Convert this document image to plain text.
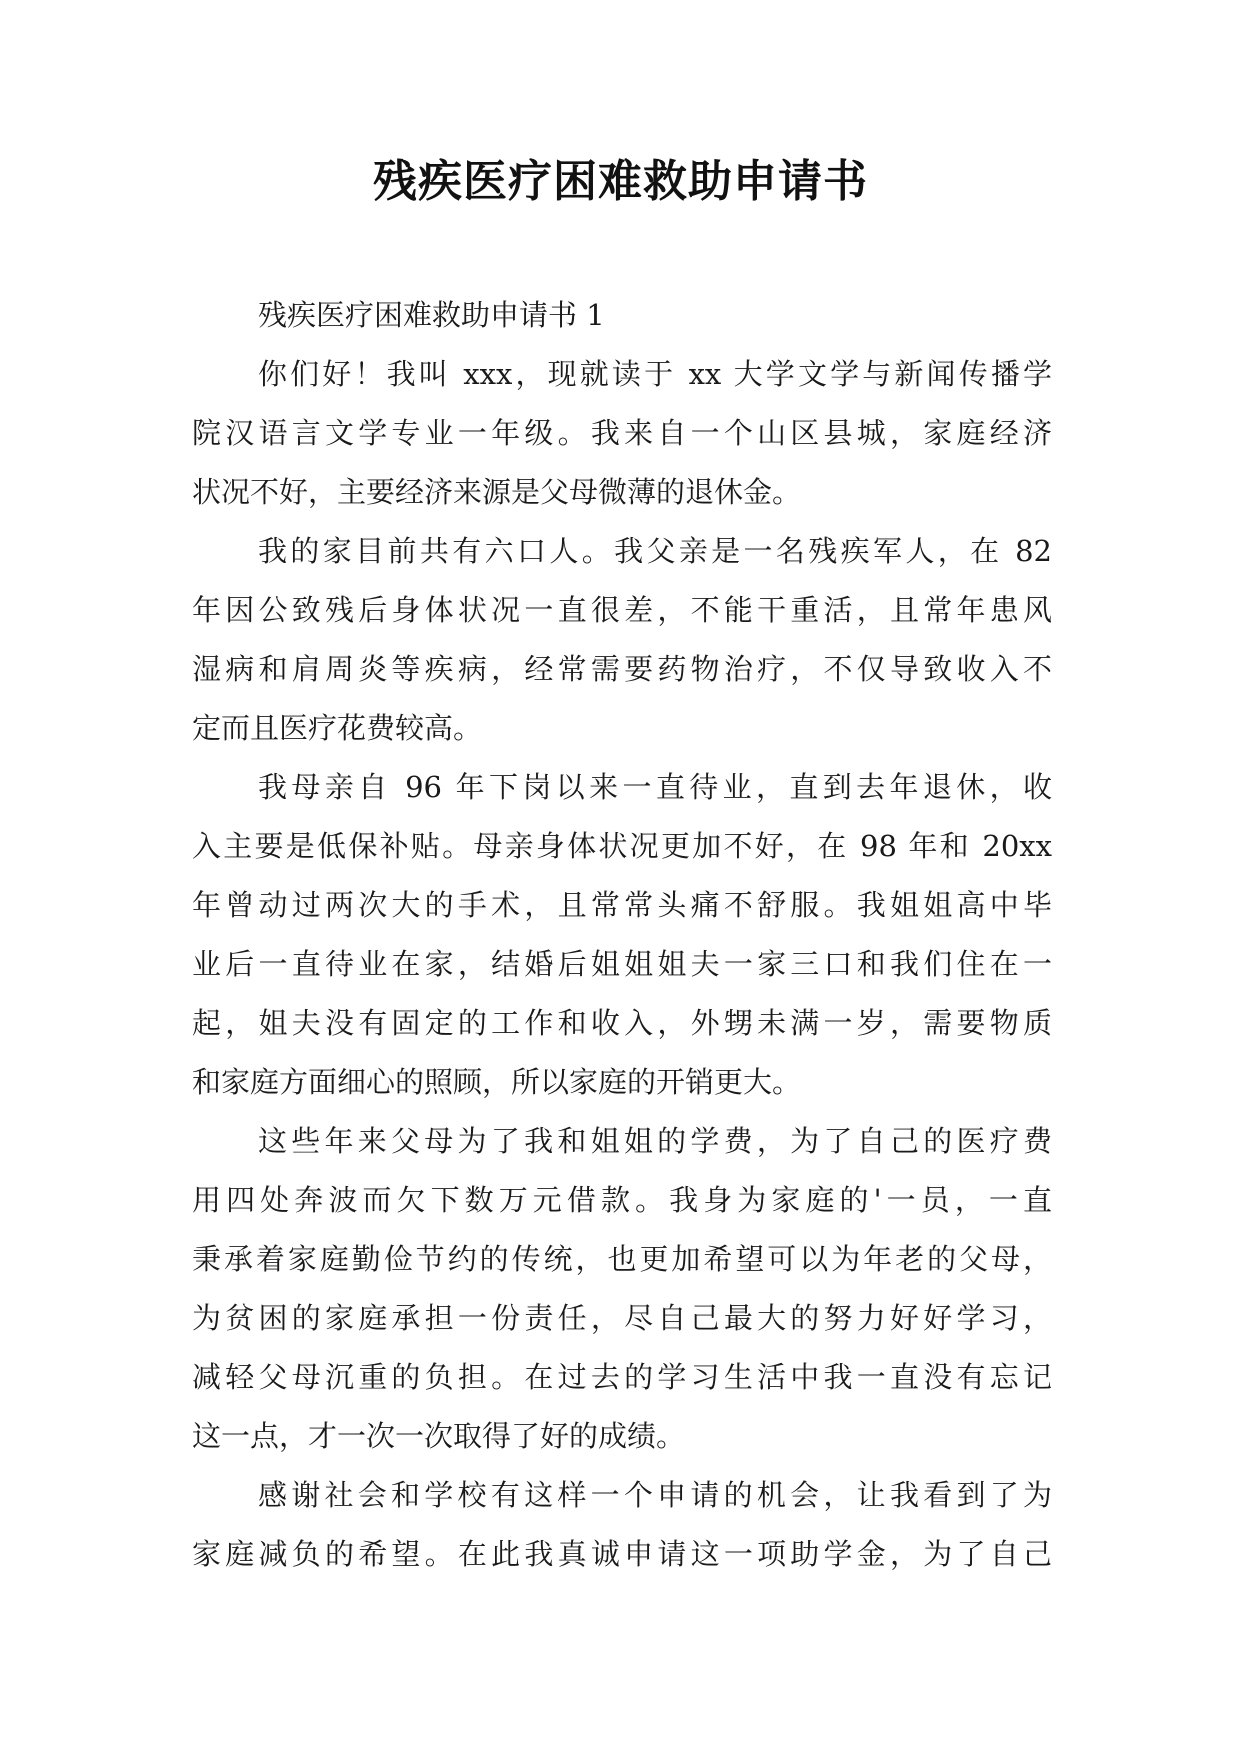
残疾医疗困难救助申请书
残疾医疗困难救助申请书 1
你们好！我叫 xxx，现就读于 xx 大学文学与新闻传播学
院汉语言文学专业一年级。我来自一个山区县城，家庭经济
状况不好，主要经济来源是父母微薄的退休金。
我的家目前共有六口人。我父亲是一名残疾军人，在 82
年因公致残后身体状况一直很差，不能干重活，且常年患风
湿病和肩周炎等疾病，经常需要药物治疗，不仅导致收入不
定而且医疗花费较高。
我母亲自 96 年下岗以来一直待业，直到去年退休，收
入主要是低保补贴。母亲身体状况更加不好，在 98 年和 20xx
年曾动过两次大的手术，且常常头痛不舒服。我姐姐高中毕
业后一直待业在家，结婚后姐姐姐夫一家三口和我们住在一
起，姐夫没有固定的工作和收入，外甥未满一岁，需要物质
和家庭方面细心的照顾，所以家庭的开销更大。
这些年来父母为了我和姐姐的学费，为了自己的医疗费
用四处奔波而欠下数万元借款。我身为家庭的'一员，一直
秉承着家庭勤俭节约的传统，也更加希望可以为年老的父母，
为贫困的家庭承担一份责任，尽自己最大的努力好好学习，
减轻父母沉重的负担。在过去的学习生活中我一直没有忘记
这一点，才一次一次取得了好的成绩。
感谢社会和学校有这样一个申请的机会，让我看到了为
家庭减负的希望。在此我真诚申请这一项助学金，为了自己
